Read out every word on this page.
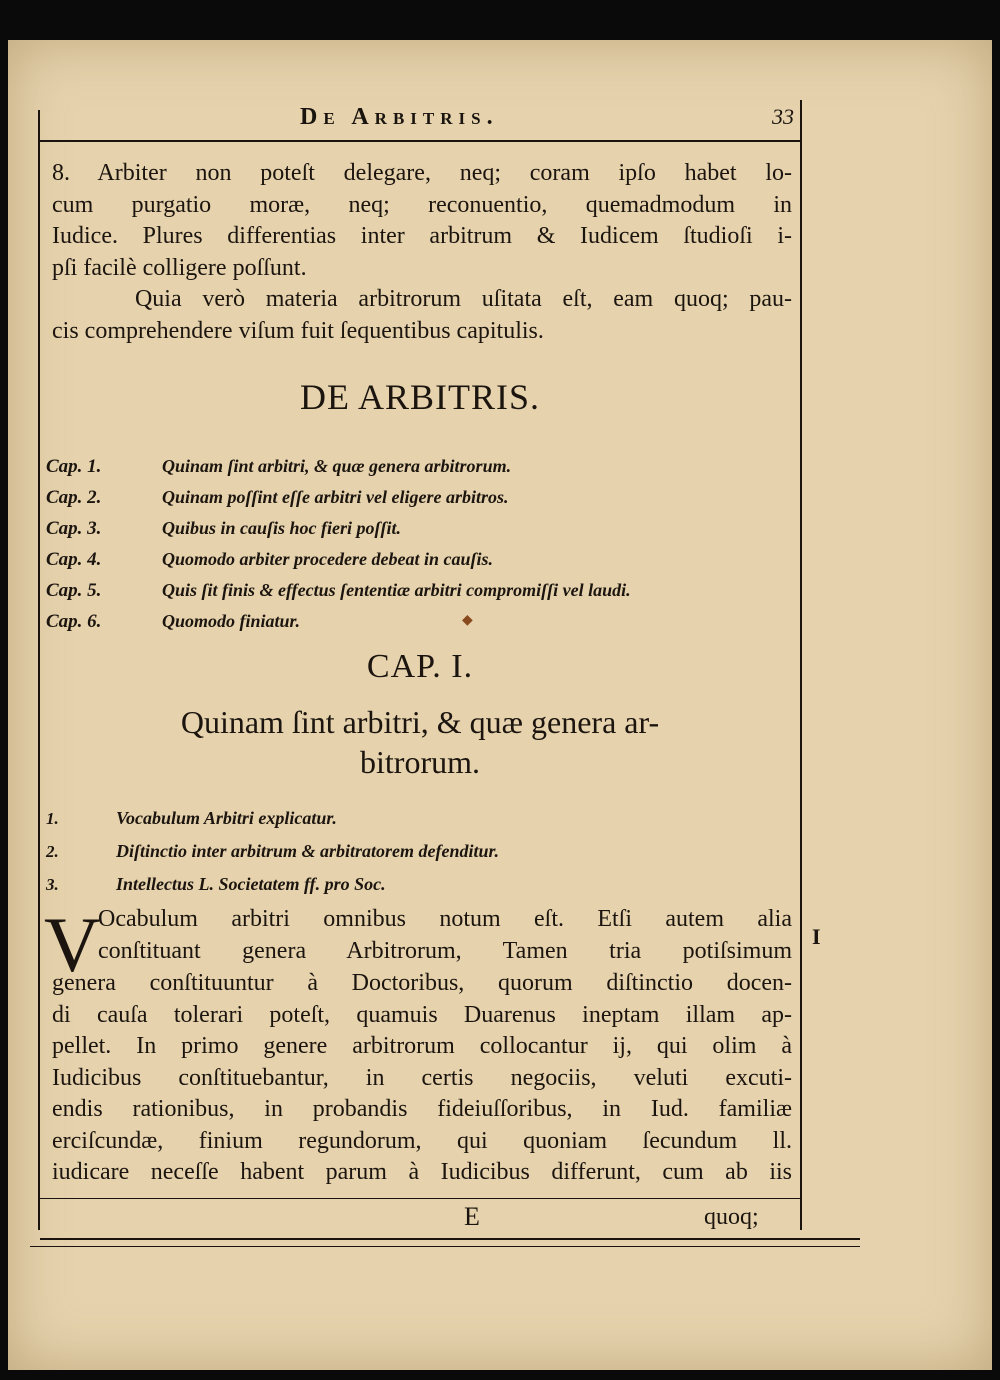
De Arbitris.	33
8. Arbiter non poteſt delegare, neq; coram ipſo habet lo-
cum purgatio moræ, neq; reconuentio, quemadmodum in
Iudice. Plures differentias inter arbitrum & Iudicem ſtudioſi i-
pſi facilè colligere poſſunt.
Quia verò materia arbitrorum uſitata eſt, eam quoq; pau-
cis comprehendere viſum fuit ſequentibus capitulis.
DE ARBITRIS.
Cap. 1.	Quinam ſint arbitri, & quæ genera arbitrorum.
Cap. 2.	Quinam poſſint eſſe arbitri vel eligere arbitros.
Cap. 3.	Quibus in cauſis hoc fieri poſſit.
Cap. 4.	Quomodo arbiter procedere debeat in cauſis.
Cap. 5.	Quis ſit finis & effectus ſententiæ arbitri compromiſſi vel laudi.
Cap. 6.	Quomodo finiatur.	◆
CAP. I.
Quinam ſint arbitri, & quæ genera ar- bitrorum.
1.	Vocabulum Arbitri explicatur.
2.	Diſtinctio inter arbitrum & arbitratorem defenditur.
3.	Intellectus L. Societatem ff. pro Soc.
V
Ocabulum arbitri omnibus notum eſt. Etſi autem alia
conſtituant genera Arbitrorum, Tamen tria potiſsimum
genera conſtituuntur à Doctoribus, quorum diſtinctio docen-
di cauſa tolerari poteſt, quamuis Duarenus ineptam illam ap-
pellet. In primo genere arbitrorum collocantur ij, qui olim à
Iudicibus conſtituebantur, in certis negociis, veluti excuti-
endis rationibus, in probandis fideiuſſoribus, in Iud. familiæ
erciſcundæ, finium regundorum, qui quoniam ſecundum ll.
iudicare neceſſe habent parum à Iudicibus differunt, cum ab iis
I
E	quoq;
